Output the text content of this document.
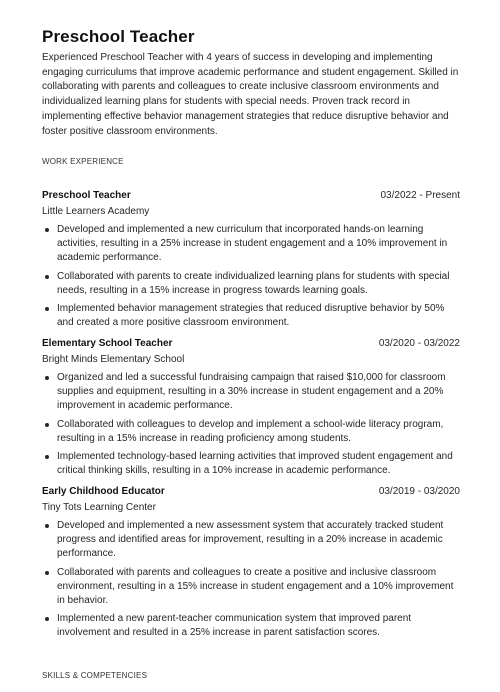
Preschool Teacher
Experienced Preschool Teacher with 4 years of success in developing and implementing engaging curriculums that improve academic performance and student engagement. Skilled in collaborating with parents and colleagues to create inclusive classroom environments and individualized learning plans for students with special needs. Proven track record in implementing effective behavior management strategies that reduce disruptive behavior and foster positive classroom environments.
WORK EXPERIENCE
Preschool Teacher	03/2022 - Present
Little Learners Academy
Developed and implemented a new curriculum that incorporated hands-on learning activities, resulting in a 25% increase in student engagement and a 10% improvement in academic performance.
Collaborated with parents to create individualized learning plans for students with special needs, resulting in a 15% increase in progress towards learning goals.
Implemented behavior management strategies that reduced disruptive behavior by 50% and created a more positive classroom environment.
Elementary School Teacher	03/2020 - 03/2022
Bright Minds Elementary School
Organized and led a successful fundraising campaign that raised $10,000 for classroom supplies and equipment, resulting in a 30% increase in student engagement and a 20% improvement in academic performance.
Collaborated with colleagues to develop and implement a school-wide literacy program, resulting in a 15% increase in reading proficiency among students.
Implemented technology-based learning activities that improved student engagement and critical thinking skills, resulting in a 10% increase in academic performance.
Early Childhood Educator	03/2019 - 03/2020
Tiny Tots Learning Center
Developed and implemented a new assessment system that accurately tracked student progress and identified areas for improvement, resulting in a 20% increase in academic performance.
Collaborated with parents and colleagues to create a positive and inclusive classroom environment, resulting in a 15% increase in student engagement and a 10% improvement in behavior.
Implemented a new parent-teacher communication system that improved parent involvement and resulted in a 25% increase in parent satisfaction scores.
SKILLS & COMPETENCIES
